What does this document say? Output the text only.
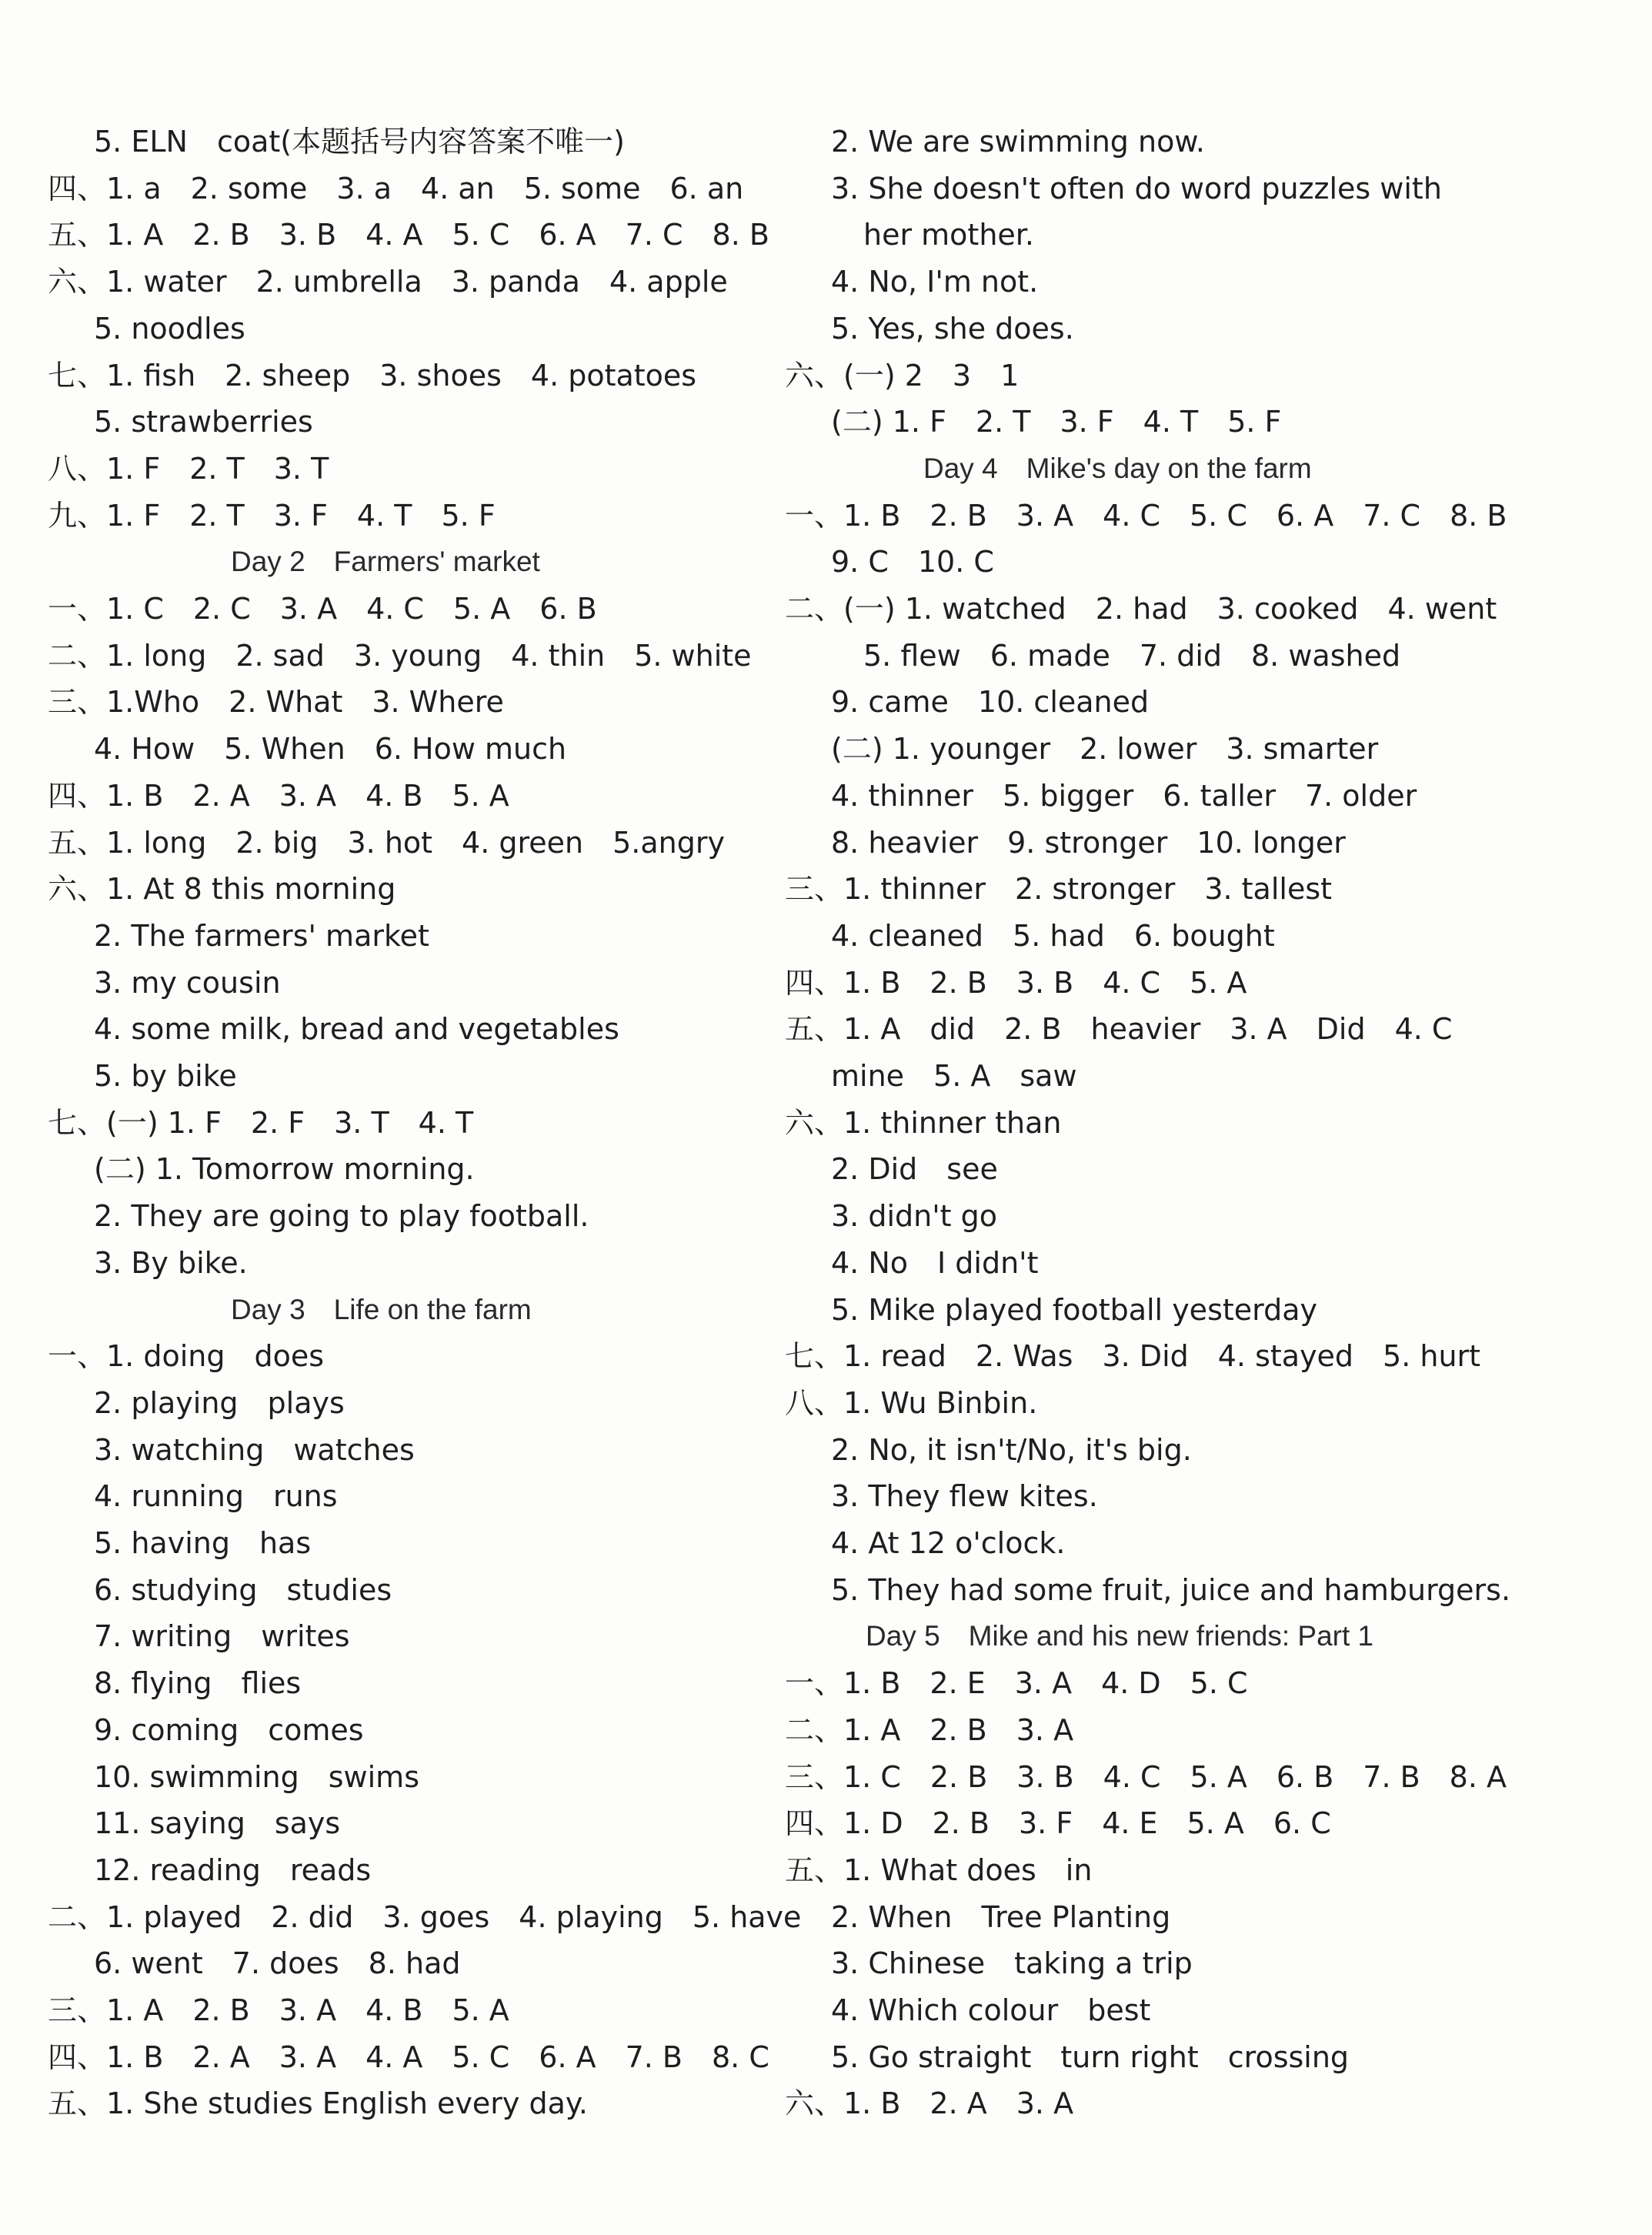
5. ELN　coat(本题括号内容答案不唯一)
四、1. a　2. some　3. a　4. an　5. some　6. an
五、1. A　2. B　3. B　4. A　5. C　6. A　7. C　8. B
六、1. water　2. umbrella　3. panda　4. apple
5. noodles
七、1. fish　2. sheep　3. shoes　4. potatoes
5. strawberries
八、1. F　2. T　3. T
九、1. F　2. T　3. F　4. T　5. F
Day 2　Farmers' market
一、1. C　2. C　3. A　4. C　5. A　6. B
二、1. long　2. sad　3. young　4. thin　5. white
三、1.Who　2. What　3. Where
4. How　5. When　6. How much
四、1. B　2. A　3. A　4. B　5. A
五、1. long　2. big　3. hot　4. green　5.angry
六、1. At 8 this morning
2. The farmers' market
3. my cousin
4. some milk, bread and vegetables
5. by bike
七、(一) 1. F　2. F　3. T　4. T
(二) 1. Tomorrow morning.
2. They are going to play football.
3. By bike.
Day 3　Life on the farm
一、1. doing　does
2. playing　plays
3. watching　watches
4. running　runs
5. having　has
6. studying　studies
7. writing　writes
8. flying　flies
9. coming　comes
10. swimming　swims
11. saying　says
12. reading　reads
二、1. played　2. did　3. goes　4. playing　5. have
6. went　7. does　8. had
三、1. A　2. B　3. A　4. B　5. A
四、1. B　2. A　3. A　4. A　5. C　6. A　7. B　8. C
五、1. She studies English every day.
2. We are swimming now.
3. She doesn't often do word puzzles with
her mother.
4. No, I'm not.
5. Yes, she does.
六、(一) 2　3　1
(二) 1. F　2. T　3. F　4. T　5. F
Day 4　Mike's day on the farm
一、1. B　2. B　3. A　4. C　5. C　6. A　7. C　8. B
9. C　10. C
二、(一) 1. watched　2. had　3. cooked　4. went
5. flew　6. made　7. did　8. washed
9. came　10. cleaned
(二) 1. younger　2. lower　3. smarter
4. thinner　5. bigger　6. taller　7. older
8. heavier　9. stronger　10. longer
三、1. thinner　2. stronger　3. tallest
4. cleaned　5. had　6. bought
四、1. B　2. B　3. B　4. C　5. A
五、1. A　did　2. B　heavier　3. A　Did　4. C
mine　5. A　saw
六、1. thinner than
2. Did　see
3. didn't go
4. No　I didn't
5. Mike played football yesterday
七、1. read　2. Was　3. Did　4. stayed　5. hurt
八、1. Wu Binbin.
2. No, it isn't/No, it's big.
3. They flew kites.
4. At 12 o'clock.
5. They had some fruit, juice and hamburgers.
Day 5　Mike and his new friends: Part 1
一、1. B　2. E　3. A　4. D　5. C
二、1. A　2. B　3. A
三、1. C　2. B　3. B　4. C　5. A　6. B　7. B　8. A
四、1. D　2. B　3. F　4. E　5. A　6. C
五、1. What does　in
2. When　Tree Planting
3. Chinese　taking a trip
4. Which colour　best
5. Go straight　turn right　crossing
六、1. B　2. A　3. A
